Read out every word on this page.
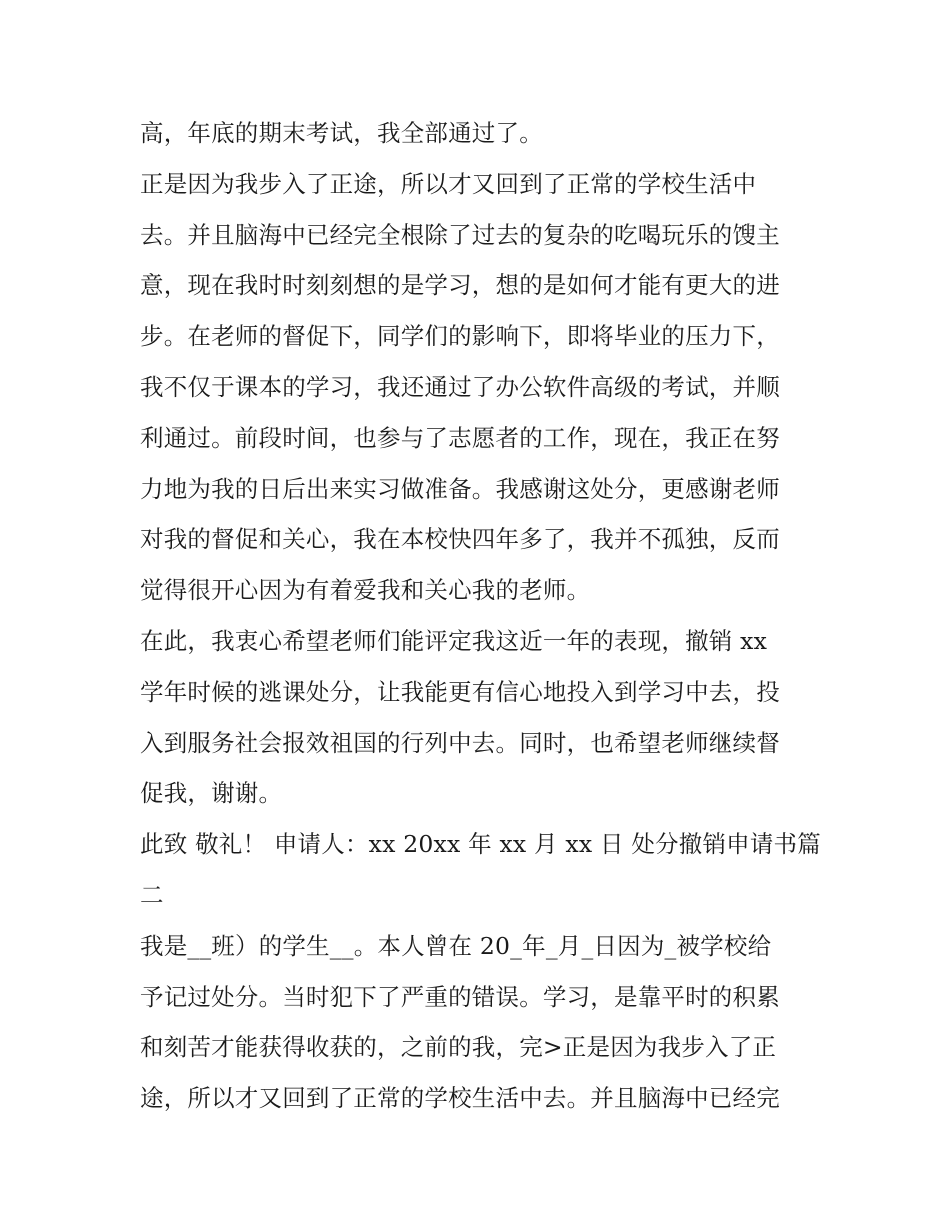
高，年底的期末考试，我全部通过了。
正是因为我步入了正途，所以才又回到了正常的学校生活中
去。并且脑海中已经完全根除了过去的复杂的吃喝玩乐的馊主
意，现在我时时刻刻想的是学习，想的是如何才能有更大的进
步。在老师的督促下，同学们的影响下，即将毕业的压力下，
我不仅于课本的学习，我还通过了办公软件高级的考试，并顺
利通过。前段时间，也参与了志愿者的工作，现在，我正在努
力地为我的日后出来实习做准备。我感谢这处分，更感谢老师
对我的督促和关心，我在本校快四年多了，我并不孤独，反而
觉得很开心因为有着爱我和关心我的老师。
在此，我衷心希望老师们能评定我这近一年的表现，撤销 xx
学年时候的逃课处分，让我能更有信心地投入到学习中去，投
入到服务社会报效祖国的行列中去。同时，也希望老师继续督
促我，谢谢。
此致 敬礼！ 申请人：xx 20xx 年 xx 月 xx 日 处分撤销申请书篇
二
我是__班）的学生__。本人曾在 20_年_月_日因为_被学校给
予记过处分。当时犯下了严重的错误。学习，是靠平时的积累
和刻苦才能获得收获的，之前的我，完>正是因为我步入了正
途，所以才又回到了正常的学校生活中去。并且脑海中已经完
